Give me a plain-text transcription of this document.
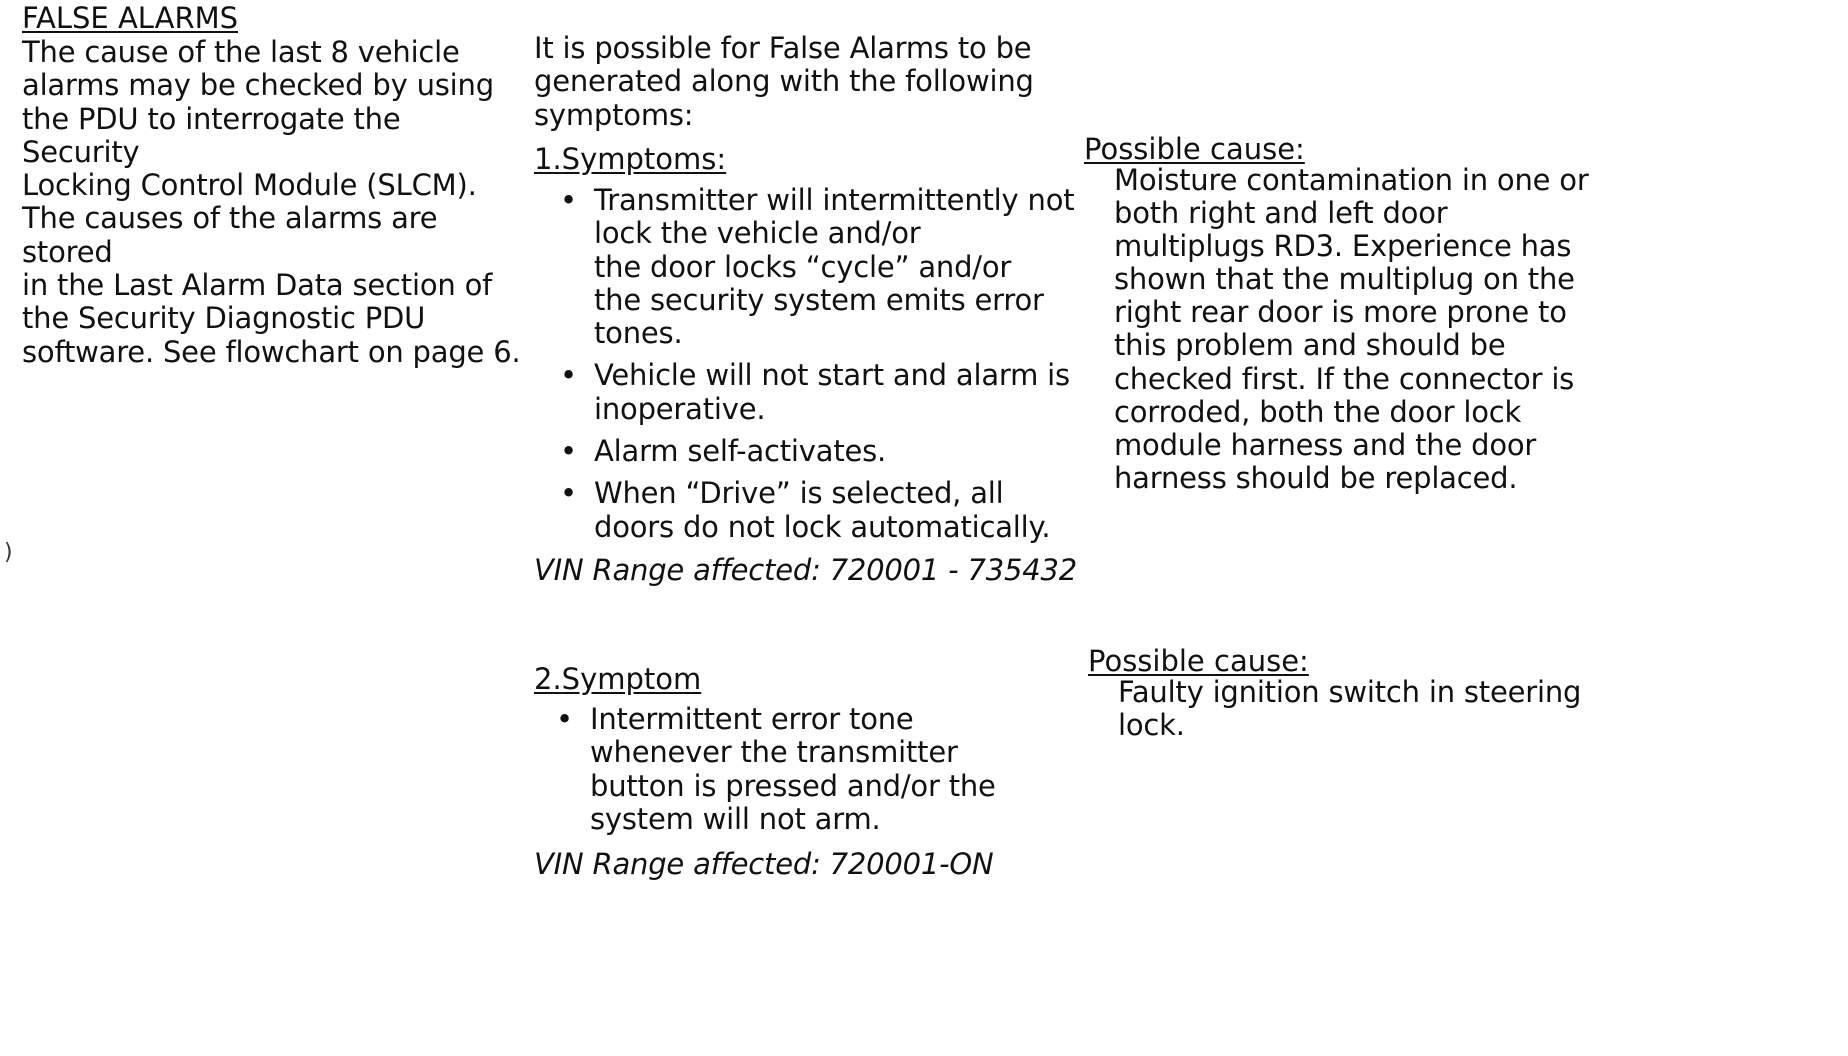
FALSE ALARMS

The cause of the last 8 vehicle
alarms may be checked by using
the PDU to interrogate the Security
Locking Control Module (SLCM).
The causes of the alarms are stored
in the Last Alarm Data section of
the Security Diagnostic PDU
software. See flowchart on page 6.

)

It is possible for False Alarms to be
generated along with the following
symptoms:

1.Symptoms:
• Transmitter will intermittently not
lock the vehicle and/or
the door locks “cycle” and/or
the security system emits error
tones.
• Vehicle will not start and alarm is
inoperative.
• Alarm self-activates.
• When “Drive” is selected, all
doors do not lock automatically.
VIN Range affected: 720001 - 735432
2.Symptom
• Intermittent error tone
whenever the transmitter
button is pressed and/or the
system will not arm.
VIN Range affected: 720001-ON
Possible cause:

Moisture contamination in one or
both right and left door
multiplugs RD3. Experience has
shown that the multiplug on the
right rear door is more prone to
this problem and should be
checked first. If the connector is
corroded, both the door lock
module harness and the door
harness should be replaced.

Possible cause:

Faulty ignition switch in steering
lock.
